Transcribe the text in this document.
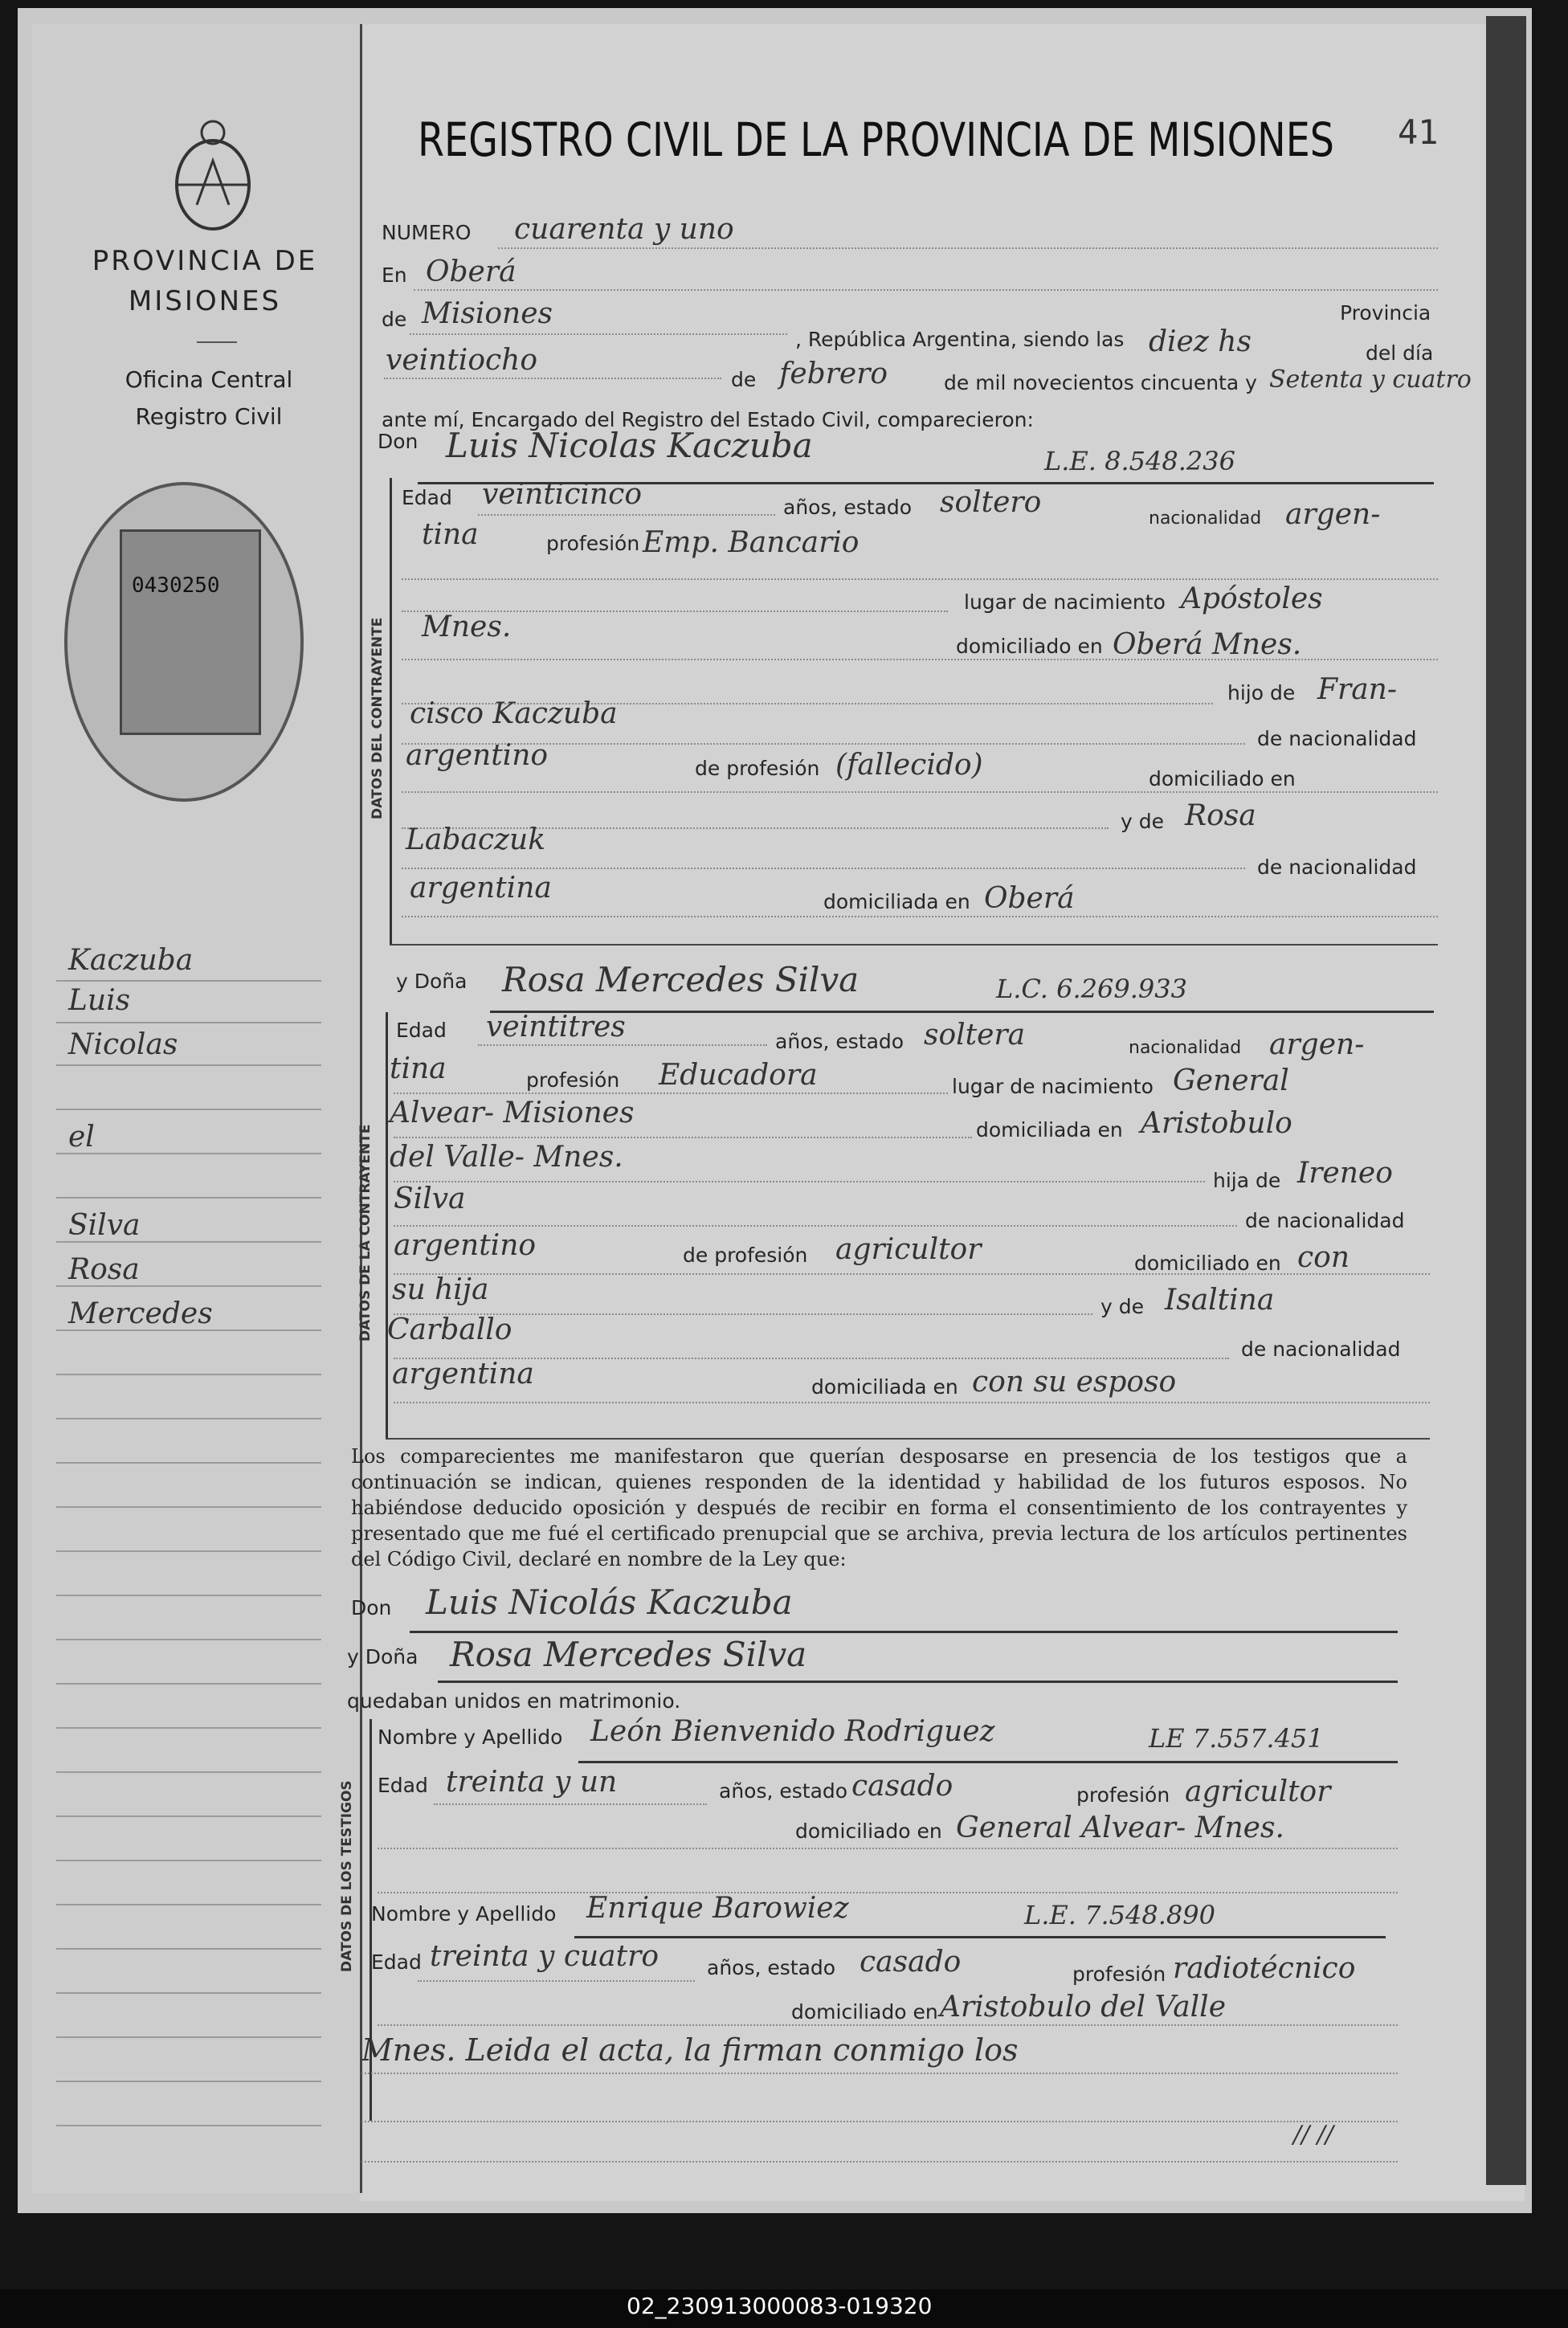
PROVINCIA DE
MISIONES
Oficina Central
Registro Civil
0430250
Kaczuba
Luis
Nicolas
el
Silva
Rosa
Mercedes
REGISTRO CIVIL DE LA PROVINCIA DE MISIONES 41
NUMERO cuarenta y uno
En Oberá
de Misiones
, República Argentina, siendo las diez hs
Provincia
del día
veintiocho
de febrero	de mil novecientos cincuenta y Setenta y cuatro
ante mí, Encargado del Registro del Estado Civil, comparecieron:
Don Luis Nicolas Kaczuba	L.E. 8.548.236
DATOS DEL CONTRAYENTE
Edad veinticinco	años, estado soltero	nacionalidad argen-
tina	profesión Emp. Bancario
lugar de nacimiento Apóstoles
Mnes.
domiciliado en Oberá Mnes.
hijo de Fran-
cisco Kaczuba
de nacionalidad
argentino	de profesión (fallecido)	domiciliado en
y de Rosa
Labaczuk
de nacionalidad
argentina	domiciliada en Oberá
y Doña Rosa Mercedes Silva	L.C. 6.269.933
DATOS DE LA CONTRAYENTE
Edad veintitres	años, estado soltera	nacionalidad argen-
tina	profesión Educadora	lugar de nacimiento General
Alvear- Misiones
domiciliada en Aristobulo
del Valle- Mnes.
hija de Ireneo
Silva
de nacionalidad
argentino	de profesión agricultor	domiciliado en con
su hija
y de Isaltina
Carballo
de nacionalidad
argentina	domiciliada en con su esposo
Los comparecientes me manifestaron que querían desposarse en presencia de los testigos que a continuación se indican, quienes responden de la identidad y habilidad de los futuros esposos. No habiéndose deducido oposición y después de recibir en forma el consentimiento de los contrayentes y presentado que me fué el certificado prenupcial que se archiva, previa lectura de los artículos pertinentes del Código Civil, declaré en nombre de la Ley que:
Don Luis Nicolás Kaczuba
y Doña Rosa Mercedes Silva
quedaban unidos en matrimonio.
DATOS DE LOS TESTIGOS
Nombre y Apellido León Bienvenido Rodriguez	LE 7.557.451
Edad treinta y un	años, estado casado	profesión agricultor
domiciliado en General Alvear- Mnes.
Nombre y Apellido Enrique Barowiez	L.E. 7.548.890
Edad treinta y cuatro años, estado casado	profesión radiotécnico
domiciliado en Aristobulo del Valle
Mnes. Leida el acta, la firman conmigo los
// //
02_230913000083-019320
